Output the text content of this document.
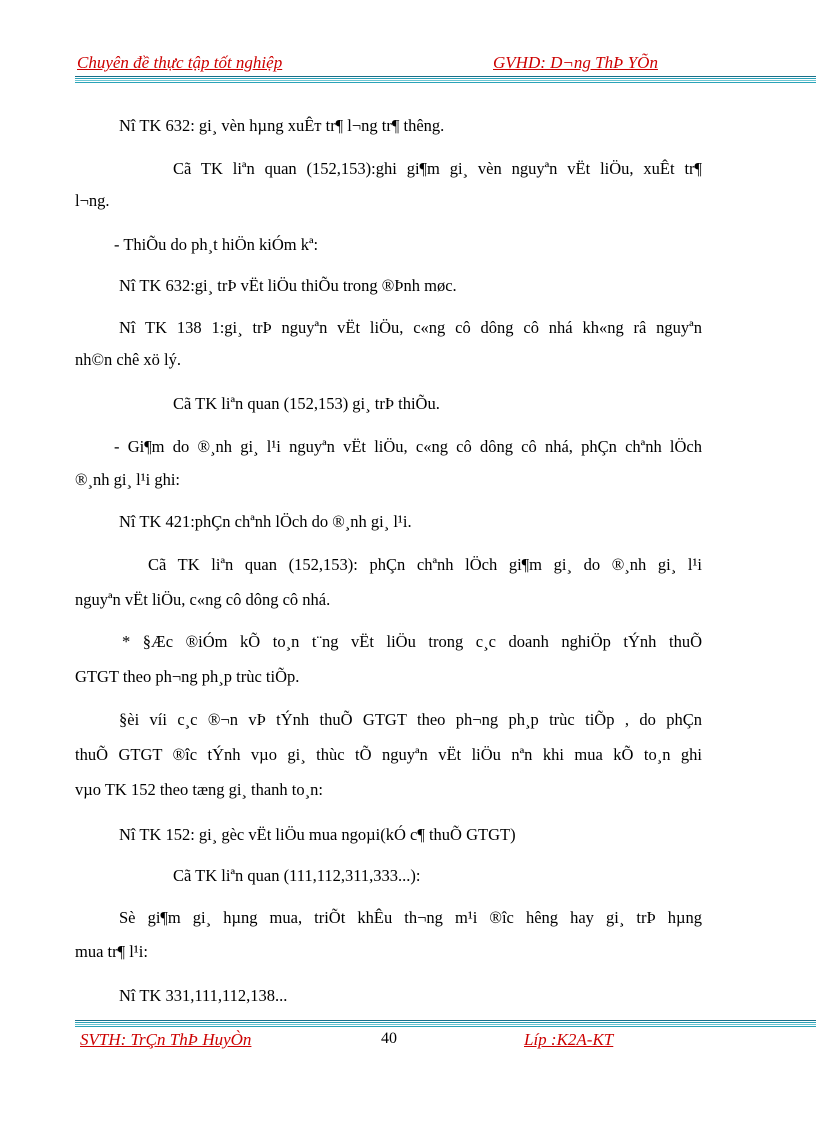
Chuyên đề thực tập tốt nghiệp	GVHD: D¬ng ThÞ YÕn
Nî TK 632: gi¸ vèn hµng xuÊт tr¶ l¬ng tr¶ thêng.
Cã TK liªn quan (152,153):ghi gi¶m gi¸ vèn nguyªn vËt liÖu, xuÊt tr¶
l¬ng.
- ThiÕu do ph¸t hiÖn kiÓm kª:
Nî TK 632:gi¸ trÞ vËt liÖu thiÕu trong ®Þnh møc.
Nî TK 138 1:gi¸ trÞ nguyªn vËt liÖu, c«ng cô dông cô nhá kh«ng râ nguyªn
nh©n chê xö lý.
Cã TK liªn quan (152,153) gi¸ trÞ thiÕu.
- Gi¶m do ®¸nh gi¸ l¹i nguyªn vËt liÖu, c«ng cô dông cô nhá, phÇn chªnh lÖch
®¸nh gi¸ l¹i ghi:
Nî TK 421:phÇn chªnh lÖch do ®¸nh gi¸ l¹i.
Cã TK liªn quan (152,153): phÇn chªnh lÖch gi¶m gi¸ do ®¸nh gi¸ l¹i
nguyªn vËt liÖu, c«ng cô dông cô nhá.
* §Æc ®iÓm kÕ to¸n t¨ng vËt liÖu trong c¸c doanh nghiÖp tÝnh thuÕ
GTGT theo ph¬ng ph¸p trùc tiÕp.
§èi víi c¸c ®¬n vÞ tÝnh thuÕ GTGT theo ph¬ng ph¸p trùc tiÕp , do phÇn
thuÕ GTGT ®îc tÝnh vµo gi¸ thùc tÕ nguyªn vËt liÖu nªn khi mua kÕ to¸n ghi
vµo TK 152 theo tæng gi¸ thanh to¸n:
Nî TK 152: gi¸ gèc vËt liÖu mua ngoµi(kÓ c¶ thuÕ GTGT)
Cã TK liªn quan (111,112,311,333...):
Sè gi¶m gi¸ hµng mua, triÕt khÊu th¬ng m¹i ®îc hêng hay gi¸ trÞ hµng
mua tr¶ l¹i:
Nî TK 331,111,112,138...
SVTH: TrÇn ThÞ HuyÒn	40	Líp :K2A-KT
